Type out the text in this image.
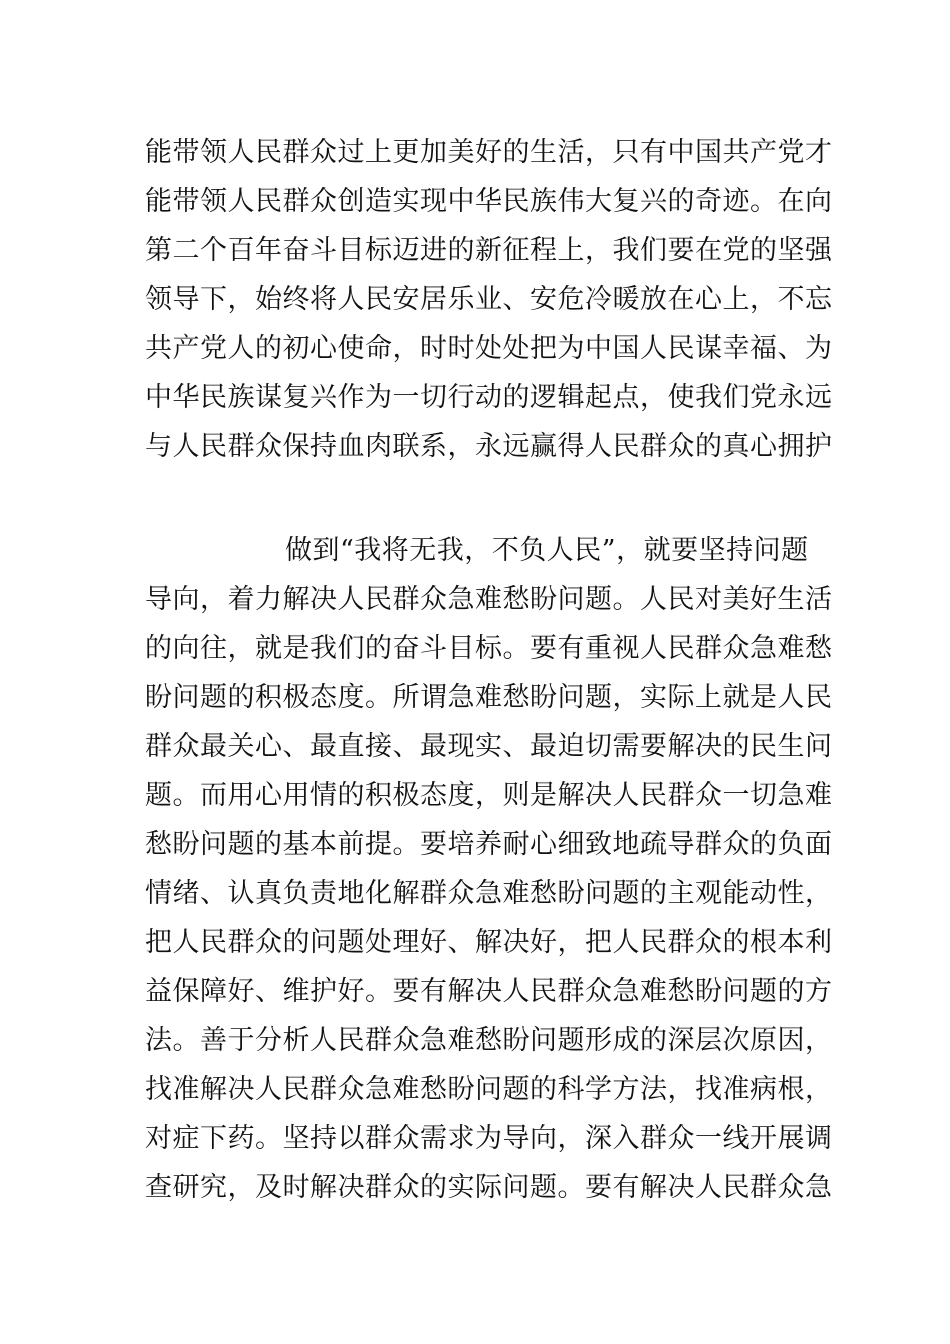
能带领人民群众过上更加美好的生活，只有中国共产党才
能带领人民群众创造实现中华民族伟大复兴的奇迹。在向
第二个百年奋斗目标迈进的新征程上，我们要在党的坚强
领导下，始终将人民安居乐业、安危冷暖放在心上，不忘
共产党人的初心使命，时时处处把为中国人民谋幸福、为
中华民族谋复兴作为一切行动的逻辑起点，使我们党永远
与人民群众保持血肉联系，永远赢得人民群众的真心拥护
做到“我将无我，不负人民”，就要坚持问题
导向，着力解决人民群众急难愁盼问题。人民对美好生活
的向往，就是我们的奋斗目标。要有重视人民群众急难愁
盼问题的积极态度。所谓急难愁盼问题，实际上就是人民
群众最关心、最直接、最现实、最迫切需要解决的民生问
题。而用心用情的积极态度，则是解决人民群众一切急难
愁盼问题的基本前提。要培养耐心细致地疏导群众的负面
情绪、认真负责地化解群众急难愁盼问题的主观能动性，
把人民群众的问题处理好、解决好，把人民群众的根本利
益保障好、维护好。要有解决人民群众急难愁盼问题的方
法。善于分析人民群众急难愁盼问题形成的深层次原因，
找准解决人民群众急难愁盼问题的科学方法，找准病根，
对症下药。坚持以群众需求为导向，深入群众一线开展调
查研究，及时解决群众的实际问题。要有解决人民群众急
